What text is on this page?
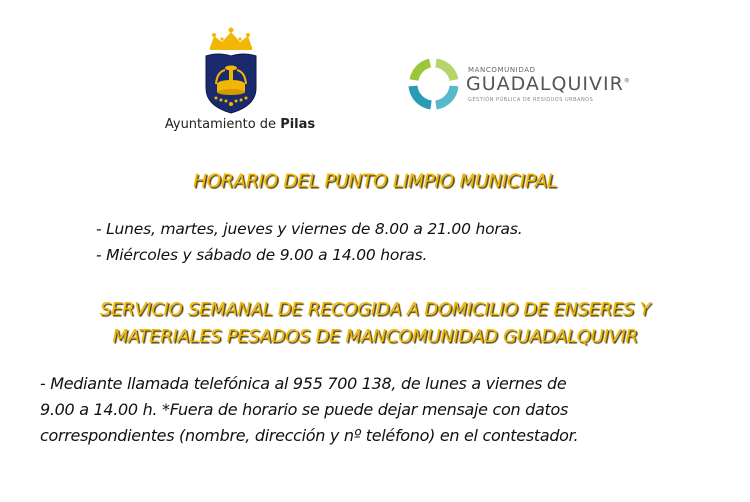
Ayuntamiento de Pilas
MANCOMUNIDAD
GUADALQUIVIR®
GESTIÓN PÚBLICA DE RESIDUOS URBANOS
HORARIO DEL PUNTO LIMPIO MUNICIPAL
- Lunes, martes, jueves y viernes de 8.00 a 21.00 horas.
- Miércoles y sábado de 9.00 a 14.00 horas.
SERVICIO SEMANAL DE RECOGIDA A DOMICILIO DE ENSERES Y
MATERIALES PESADOS DE MANCOMUNIDAD GUADALQUIVIR
- Mediante llamada telefónica al 955 700 138, de lunes a viernes de
9.00 a 14.00 h. *Fuera de horario se puede dejar mensaje con datos
correspondientes (nombre, dirección y nº teléfono) en el contestador.
